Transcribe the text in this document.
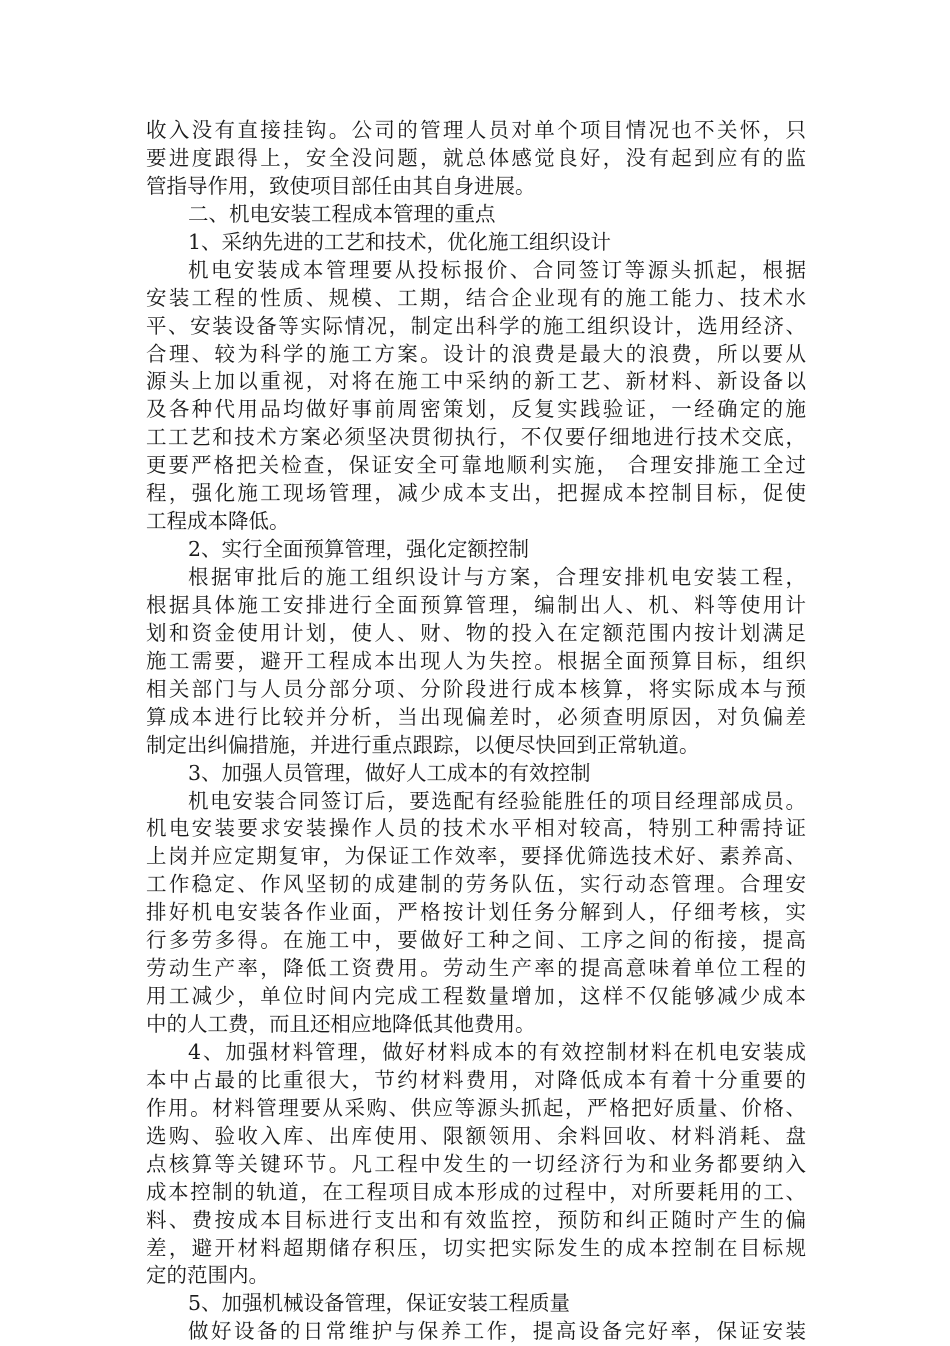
收入没有直接挂钩。公司的管理人员对单个项目情况也不关怀，只
要进度跟得上，安全没问题，就总体感觉良好，没有起到应有的监
管指导作用，致使项目部任由其自身进展。
二、机电安装工程成本管理的重点
1、采纳先进的工艺和技术，优化施工组织设计
机电安装成本管理要从投标报价、合同签订等源头抓起，根据
安装工程的性质、规模、工期，结合企业现有的施工能力、技术水
平、安装设备等实际情况，制定出科学的施工组织设计，选用经济、
合理、较为科学的施工方案。设计的浪费是最大的浪费，所以要从
源头上加以重视，对将在施工中采纳的新工艺、新材料、新设备以
及各种代用品均做好事前周密策划，反复实践验证，一经确定的施
工工艺和技术方案必须坚决贯彻执行，不仅要仔细地进行技术交底，
更要严格把关检查，保证安全可靠地顺利实施， 合理安排施工全过
程，强化施工现场管理，减少成本支出，把握成本控制目标，促使
工程成本降低。
2、实行全面预算管理，强化定额控制
根据审批后的施工组织设计与方案，合理安排机电安装工程，
根据具体施工安排进行全面预算管理，编制出人、机、料等使用计
划和资金使用计划，使人、财、物的投入在定额范围内按计划满足
施工需要，避开工程成本出现人为失控。根据全面预算目标，组织
相关部门与人员分部分项、分阶段进行成本核算，将实际成本与预
算成本进行比较并分析，当出现偏差时，必须查明原因，对负偏差
制定出纠偏措施，并进行重点跟踪，以便尽快回到正常轨道。
3、加强人员管理，做好人工成本的有效控制
机电安装合同签订后，要选配有经验能胜任的项目经理部成员。
机电安装要求安装操作人员的技术水平相对较高，特别工种需持证
上岗并应定期复审，为保证工作效率，要择优筛选技术好、素养高、
工作稳定、作风坚韧的成建制的劳务队伍，实行动态管理。合理安
排好机电安装各作业面，严格按计划任务分解到人，仔细考核，实
行多劳多得。在施工中，要做好工种之间、工序之间的衔接，提高
劳动生产率，降低工资费用。劳动生产率的提高意味着单位工程的
用工减少，单位时间内完成工程数量增加，这样不仅能够减少成本
中的人工费，而且还相应地降低其他费用。
4、加强材料管理，做好材料成本的有效控制材料在机电安装成
本中占最的比重很大，节约材料费用，对降低成本有着十分重要的
作用。材料管理要从采购、供应等源头抓起，严格把好质量、价格、
选购、验收入库、出库使用、限额领用、余料回收、材料消耗、盘
点核算等关键环节。凡工程中发生的一切经济行为和业务都要纳入
成本控制的轨道，在工程项目成本形成的过程中，对所要耗用的工、
料、费按成本目标进行支出和有效监控，预防和纠正随时产生的偏
差，避开材料超期储存积压，切实把实际发生的成本控制在目标规
定的范围内。
5、加强机械设备管理，保证安装工程质量
做好设备的日常维护与保养工作，提高设备完好率，保证安装
